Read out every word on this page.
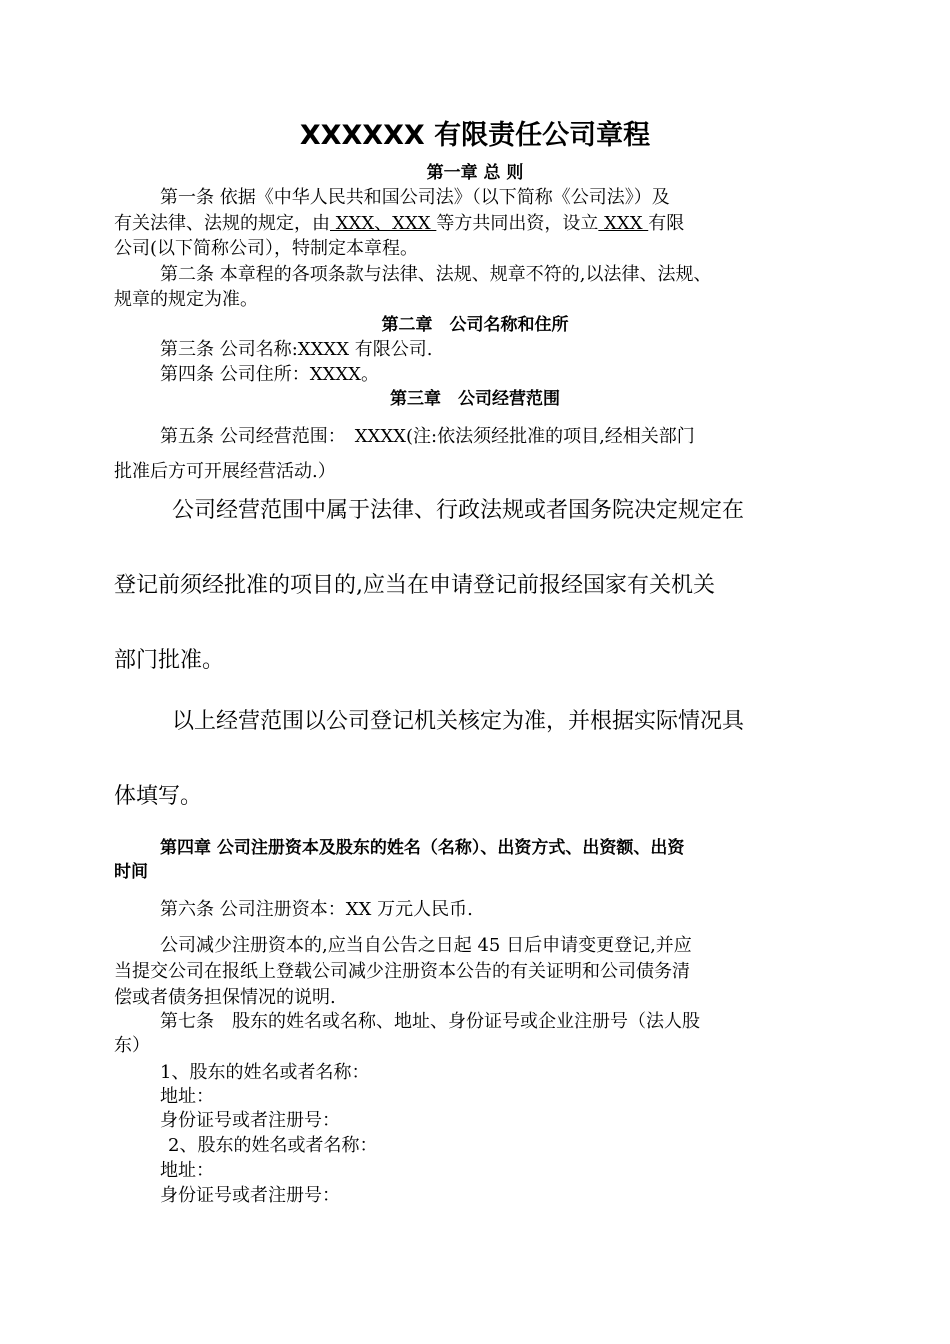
XXXXXX 有限责任公司章程
第一章 总 则
第一条 依据《中华人民共和国公司法》（以下简称《公司法》）及
有关法律、法规的规定，由 XXX、XXX 等方共同出资，设立 XXX 有限
公司(以下简称公司），特制定本章程。
第二条 本章程的各项条款与法律、法规、规章不符的,以法律、法规、
规章的规定为准。
第二章　公司名称和住所
第三条 公司名称:XXXX 有限公司.
第四条 公司住所：XXXX。
第三章　公司经营范围
第五条 公司经营范围：　XXXX(注:依法须经批准的项目,经相关部门
批准后方可开展经营活动.）
公司经营范围中属于法律、行政法规或者国务院决定规定在
登记前须经批准的项目的,应当在申请登记前报经国家有关机关
部门批准。
以上经营范围以公司登记机关核定为准，并根据实际情况具
体填写。
第四章 公司注册资本及股东的姓名（名称）、出资方式、出资额、出资
时间
第六条 公司注册资本：XX 万元人民币.
公司减少注册资本的,应当自公告之日起 45 日后申请变更登记,并应
当提交公司在报纸上登载公司减少注册资本公告的有关证明和公司债务清
偿或者债务担保情况的说明.
第七条　股东的姓名或名称、地址、身份证号或企业注册号（法人股
东）
1、股东的姓名或者名称：
地址：
身份证号或者注册号：
2、股东的姓名或者名称：
地址：
身份证号或者注册号：
